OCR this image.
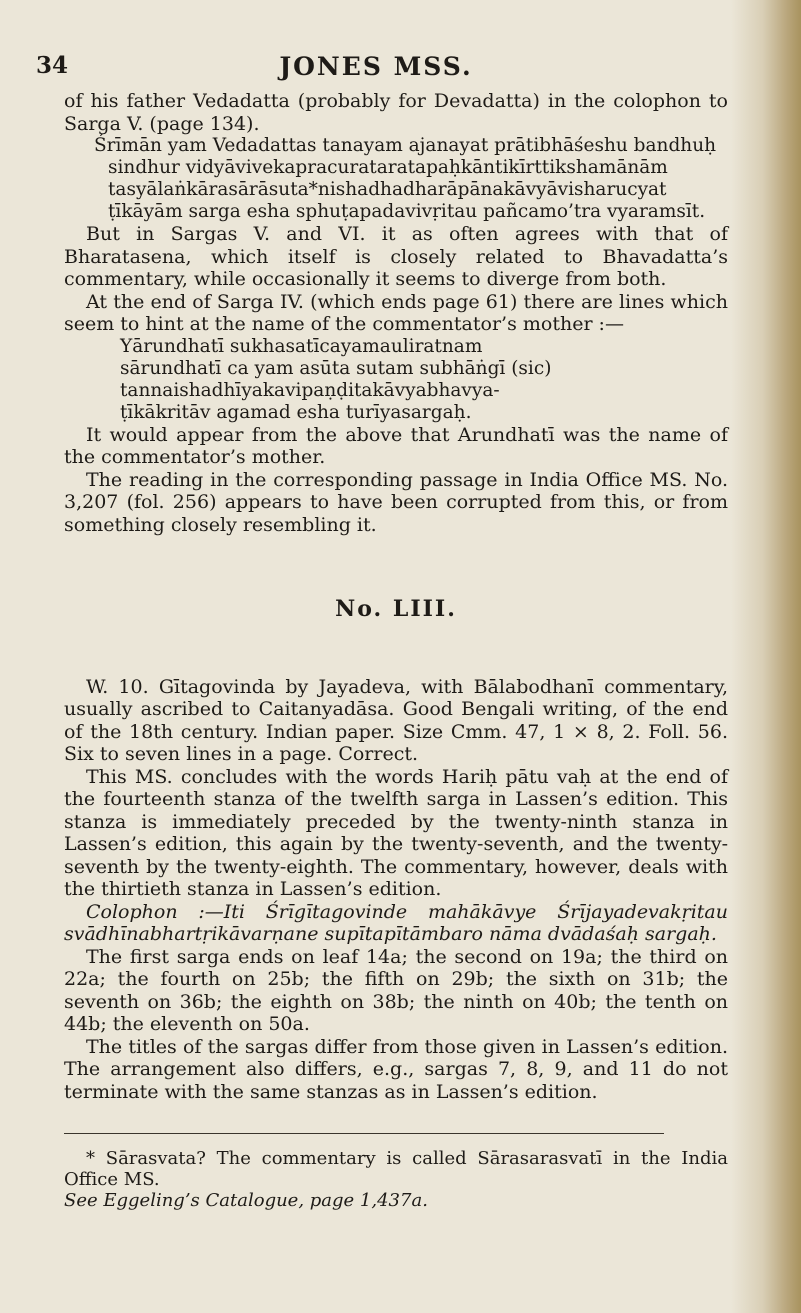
34	JONES MSS.

of his father Vedadatta (probably for Devadatta) in the colophon to Sarga V. (page 134).

Śrīmān yam Vedadattas tanayam ajanayat prātibhāśeshu bandhuḥ
sindhur vidyāvivekapracurataratapaḥkāntikīrttikshamānām
tasyālaṅkārasārāsuta*nishadhadharāpānakāvyāvisharucyat
ṭīkāyām sarga esha sphuṭapadavivṛitau pañcamo’tra vyaramsīt.

But in Sargas V. and VI. it as often agrees with that of Bharatasena, which itself is closely related to Bhavadatta’s commentary, while occasionally it seems to diverge from both.

At the end of Sarga IV. (which ends page 61) there are lines which seem to hint at the name of the commentator’s mother :—

Yārundhatī sukhasatīcayamauliratnam
sārundhatī ca yam asūta sutam subhāṅgī (sic)
tannaishadhīyakavipaṇḍitakāvyabhavya-
ṭīkākritāv agamad esha turīyasargaḥ.

It would appear from the above that Arundhatī was the name of the commentator’s mother.

The reading in the corresponding passage in India Office MS. No. 3,207 (fol. 256) appears to have been corrupted from this, or from something closely resembling it.

No. LIII.

W. 10. Gītagovinda by Jayadeva, with Bālabodhanī commentary, usually ascribed to Caitanyadāsa. Good Bengali writing, of the end of the 18th century. Indian paper. Size Cmm. 47, 1 × 8, 2. Foll. 56. Six to seven lines in a page. Correct.

This MS. concludes with the words Hariḥ pātu vaḥ at the end of the fourteenth stanza of the twelfth sarga in Lassen’s edition. This stanza is immediately preceded by the twenty-ninth stanza in Lassen’s edition, this again by the twenty-seventh, and the twenty-seventh by the twenty-eighth. The commentary, however, deals with the thirtieth stanza in Lassen’s edition.

Colophon :—Iti Śrīgītagovinde mahākāvye Śrījayadevakṛitau svādhīnabhartṛikāvarṇane supītapītāmbaro nāma dvādaśaḥ sargaḥ.

The first sarga ends on leaf 14a; the second on 19a; the third on 22a; the fourth on 25b; the fifth on 29b; the sixth on 31b; the seventh on 36b; the eighth on 38b; the ninth on 40b; the tenth on 44b; the eleventh on 50a.

The titles of the sargas differ from those given in Lassen’s edition. The arrangement also differs, e.g., sargas 7, 8, 9, and 11 do not terminate with the same stanzas as in Lassen’s edition.

* Sārasvata? The commentary is called Sārasarasvatī in the India Office MS.

See Eggeling’s Catalogue, page 1,437a.
